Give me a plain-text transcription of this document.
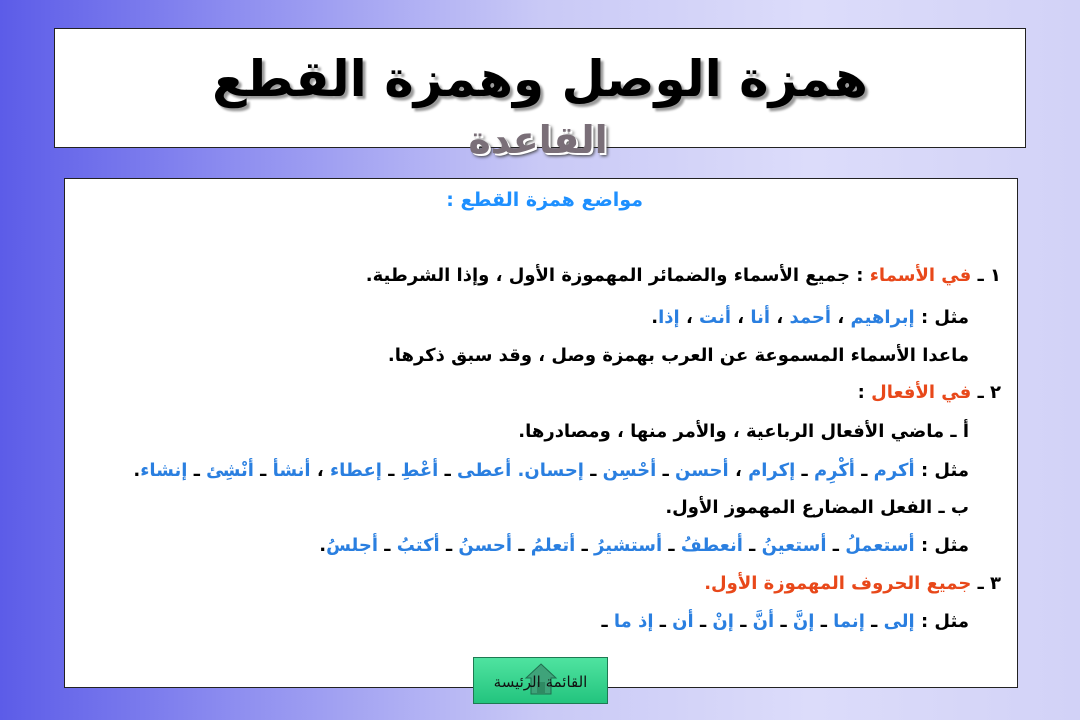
همزة الوصل وهمزة القطع
القاعدة
مواضع همزة القطع :
١ ـ في الأسماء : جميع الأسماء والضمائر المهموزة الأول ، وإذا الشرطية.
مثل : إبراهيم ، أحمد ، أنا ، أنت ، إذا.
ماعدا الأسماء المسموعة عن العرب بهمزة وصل ، وقد سبق ذكرها.
٢ ـ في الأفعال :
أ ـ ماضي الأفعال الرباعية ، والأمر منها ، ومصادرها.
مثل : أكرم ـ أكْرِم ـ إكرام ، أحسن ـ أحْسِن ـ إحسان. أعطى ـ أعْطِ ـ إعطاء ، أنشأ ـ أنْشِئ ـ إنشاء.
ب ـ الفعل المضارع المهموز الأول.
مثل : أستعملُ ـ أستعينُ ـ أنعطفُ ـ أستشيرُ ـ أتعلمُ ـ أحسنُ ـ أكتبُ ـ أجلسُ.
٣ ـ جميع الحروف المهموزة الأول.
مثل : إلى ـ إنما ـ إنَّ ـ أنَّ ـ إنْ ـ أن ـ إذ ما ـ
القائمة الرئيسة
